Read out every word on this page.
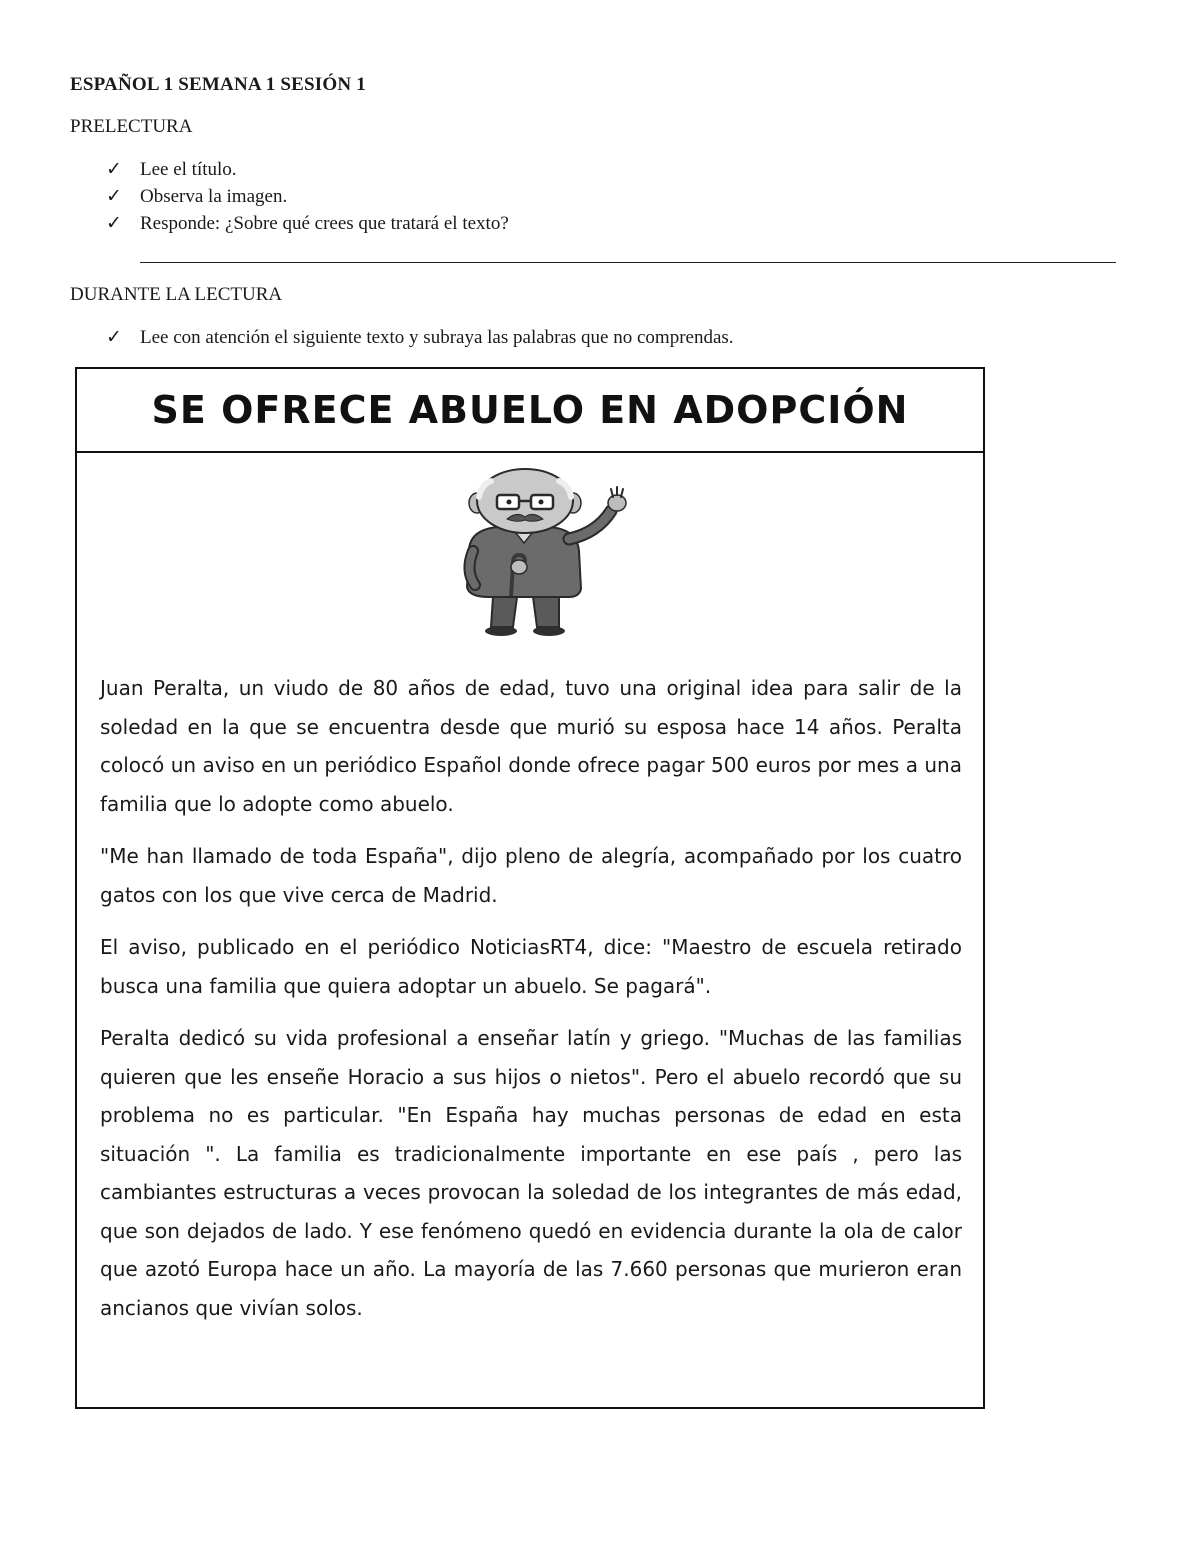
ESPAÑOL 1 SEMANA 1 SESIÓN 1
PRELECTURA
✓ Lee el título.
✓ Observa la imagen.
✓ Responde: ¿Sobre qué crees que tratará el texto?
DURANTE LA LECTURA
✓ Lee con atención el siguiente texto y subraya las palabras que no comprendas.
SE OFRECE ABUELO EN ADOPCIÓN

Juan Peralta, un viudo de 80 años de edad, tuvo una original idea para salir de la soledad en la que se encuentra desde que murió su esposa hace 14 años. Peralta colocó un aviso en un periódico Español donde ofrece pagar 500 euros por mes a una familia que lo adopte como abuelo.

"Me han llamado de toda España", dijo pleno de alegría, acompañado por los cuatro gatos con los que vive cerca de Madrid.

El aviso, publicado en el periódico NoticiasRT4, dice: "Maestro de escuela retirado busca una familia que quiera adoptar un abuelo. Se pagará".

Peralta dedicó su vida profesional a enseñar latín y griego. "Muchas de las familias quieren que les enseñe Horacio a sus hijos o nietos". Pero el abuelo recordó que su problema no es particular. "En España hay muchas personas de edad en esta situación ". La familia es tradicionalmente importante en ese país , pero las cambiantes estructuras a veces provocan la soledad de los integrantes de más edad, que son dejados de lado. Y ese fenómeno quedó en evidencia durante la ola de calor que azotó Europa hace un año. La mayoría de las 7.660 personas que murieron eran ancianos que vivían solos.
